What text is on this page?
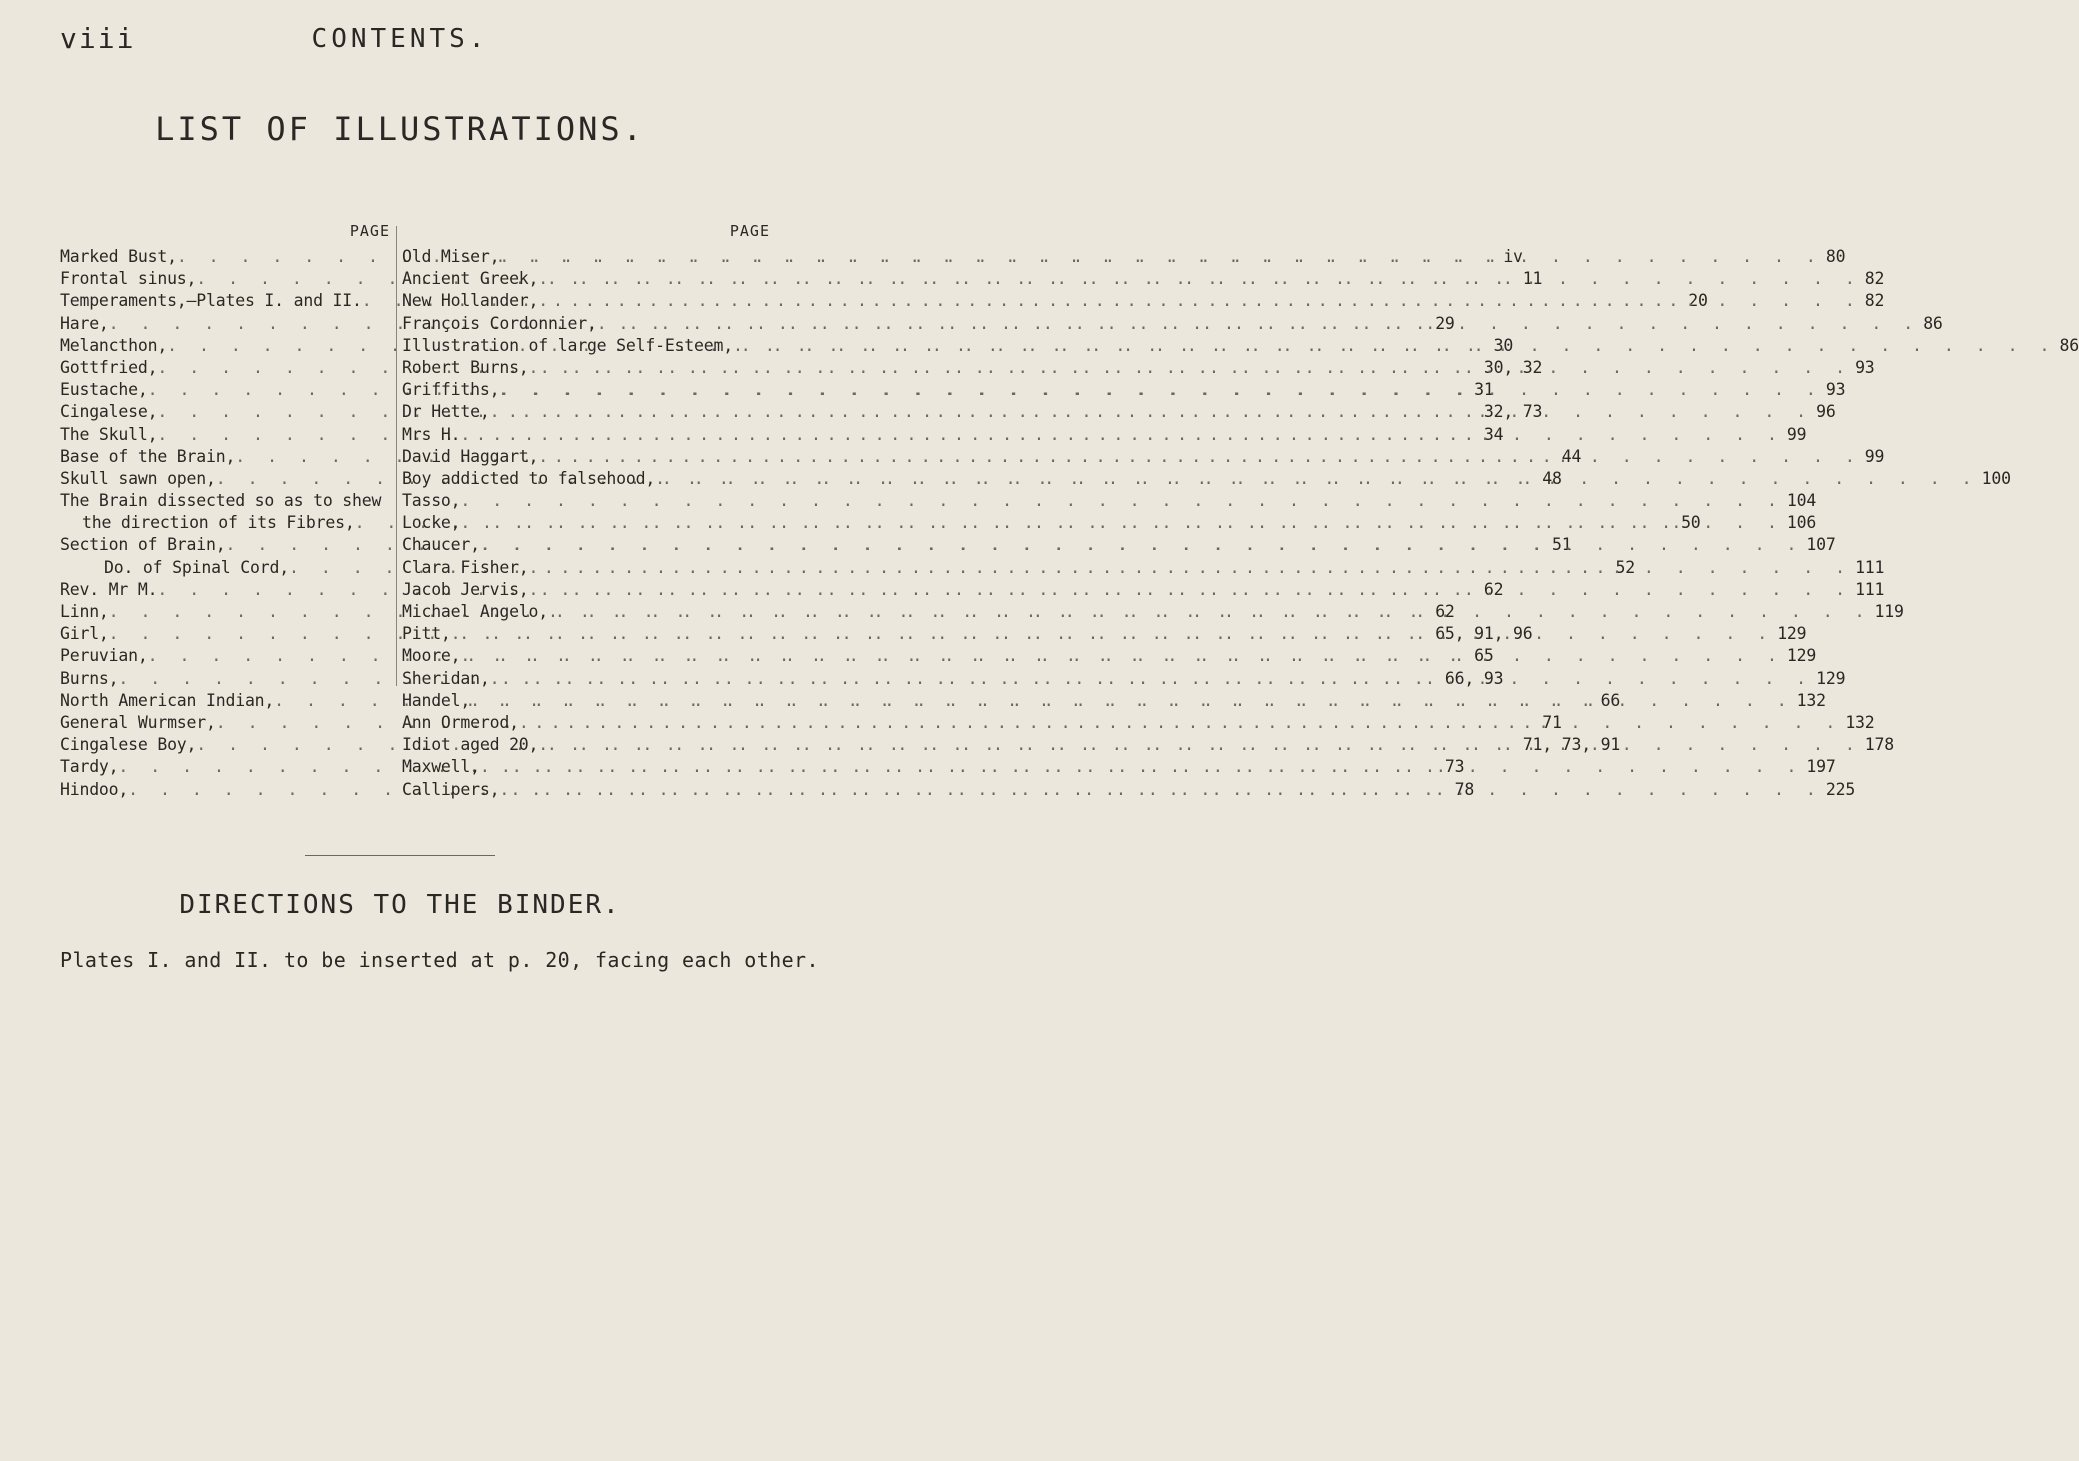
viii	CONTENTS.
LIST OF ILLUSTRATIONS.
PAGE
Marked Bust, . . .	iv
Frontal sinus, . . .	11
Temperaments,—Plates I. and II. . . .	20
Hare, . . .	29
Melancthon, . . .	30
Gottfried, . . .	30, 32
Eustache, . . .	31
Cingalese, . . .	32, 73
The Skull, . . .	34
Base of the Brain, . . .	44
Skull sawn open, . . .	48
The Brain dissected so as to shew
the direction of its Fibres, . . .	50
Section of Brain, . . .	51
Do. of Spinal Cord, . . .	52
Rev. Mr M. . . .	62
Linn, . . .	62
Girl, . . .	65, 91, 96
Peruvian, . . .	65
Burns, . . .	66, 93
North American Indian, . . .	66
General Wurmser, . . .	71
Cingalese Boy, . . .	71, 73, 91
Tardy, . . .	73
Hindoo, . . .	78
PAGE
Old Miser, . . .	80
Ancient Greek, . . .	82
New Hollander, . . .	82
François Cordonnier, . . .	86
Illustration of large Self-Esteem, . . .	86
Robert Burns, . . .	93
Griffiths, . . .	93
Dr Hette, . . .	96
Mrs H. . . .	99
David Haggart, . . .	99
Boy addicted to falsehood, . . .	100
Tasso, . . .	104
Locke, . . .	106
Chaucer, . . .	107
Clara Fisher, . . .	111
Jacob Jervis, . . .	111
Michael Angelo, . . .	119
Pitt, . . .	129
Moore, . . .	129
Sheridan, . . .	129
Handel, . . .	132
Ann Ormerod, . . .	132
Idiot aged 20, . . .	178
Maxwell, . . .	197
Callipers, . . .	225
DIRECTIONS TO THE BINDER.
Plates I. and II. to be inserted at p. 20, facing each other.
